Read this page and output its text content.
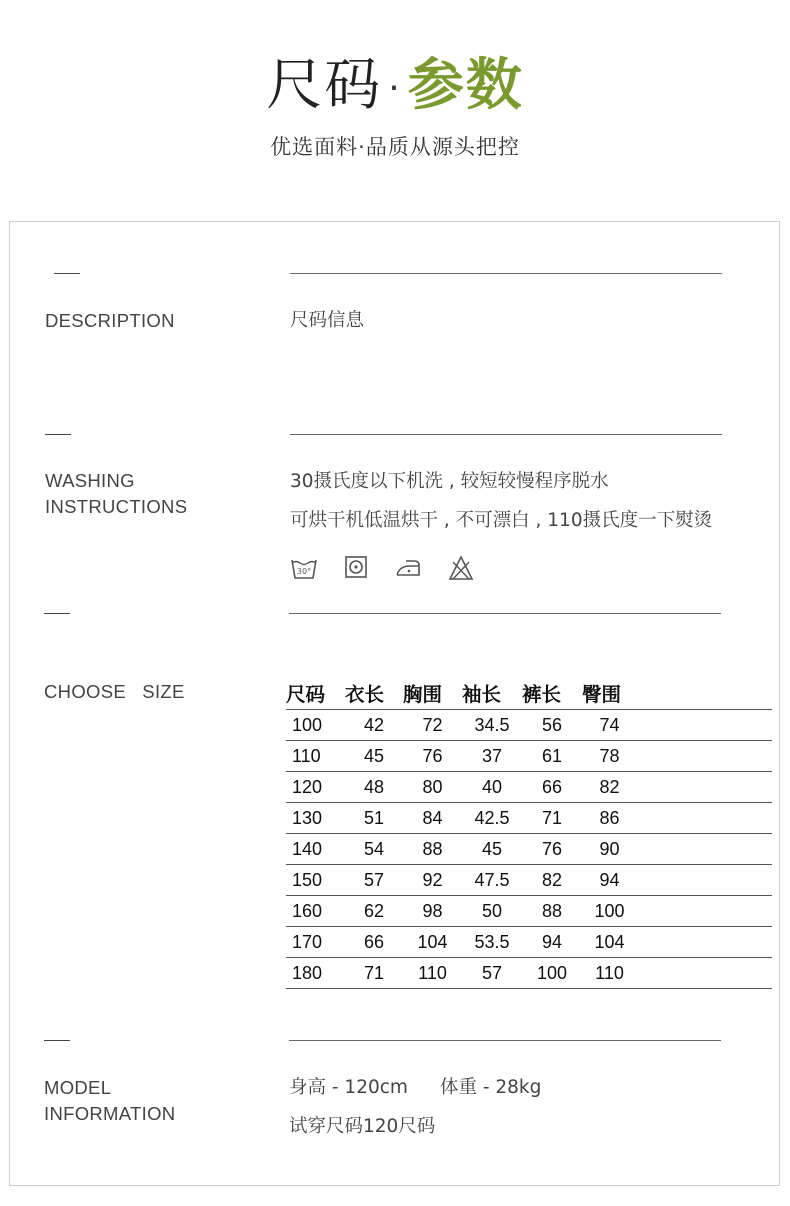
尺码 · 参数
优选面料·品质从源头把控
DESCRIPTION	尺码信息
WASHING
INSTRUCTIONS
30摄氏度以下机洗 , 较短较慢程序脱水
可烘干机低温烘干 , 不可漂白 , 110摄氏度一下熨烫
30°
CHOOSE   SIZE	尺码	衣长	胸围	袖长	裤长	臀围	
100	42	72	34.5	56	74	
110	45	76	37	61	78	
120	48	80	40	66	82	
130	51	84	42.5	71	86	
140	54	88	45	76	90	
150	57	92	47.5	82	94	
160	62	98	50	88	100	
170	66	104	53.5	94	104	
180	71	110	57	100	110	
MODEL
INFORMATION
身高 - 120cm 体重 - 28kg
试穿尺码120尺码
